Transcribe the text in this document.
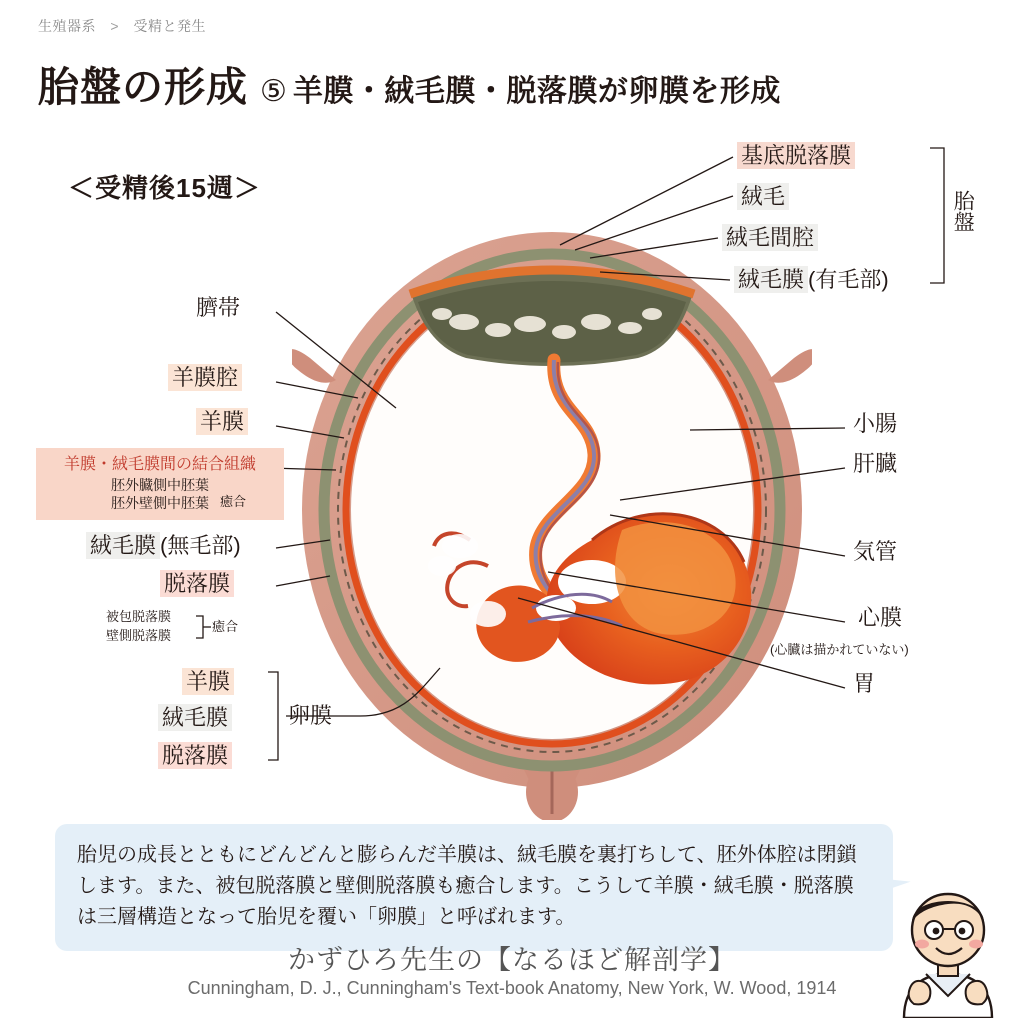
生殖器系 > 受精と発生
胎盤の形成 ⑤ 羊膜・絨毛膜・脱落膜が卵膜を形成
＜受精後15週＞
基底脱落膜
絨毛
絨毛間腔
絨毛膜 (有毛部)
胎盤
小腸
肝臓
気管
心膜
(心臓は描かれていない)
胃
臍帯
羊膜腔
羊膜
羊膜・絨毛膜間の結合組織
胚外臓側中胚葉
胚外壁側中胚葉 癒合
絨毛膜 (無毛部)
脱落膜
被包脱落膜
壁側脱落膜
癒合
羊膜
絨毛膜
脱落膜
卵膜
胎児の成長とともにどんどんと膨らんだ羊膜は、絨毛膜を裏打ちして、胚外体腔は閉鎖します。また、被包脱落膜と壁側脱落膜も癒合します。こうして羊膜・絨毛膜・脱落膜は三層構造となって胎児を覆い「卵膜」と呼ばれます。
かずひろ先生の【なるほど解剖学】
Cunningham, D. J., Cunningham's Text-book Anatomy, New York, W. Wood, 1914
